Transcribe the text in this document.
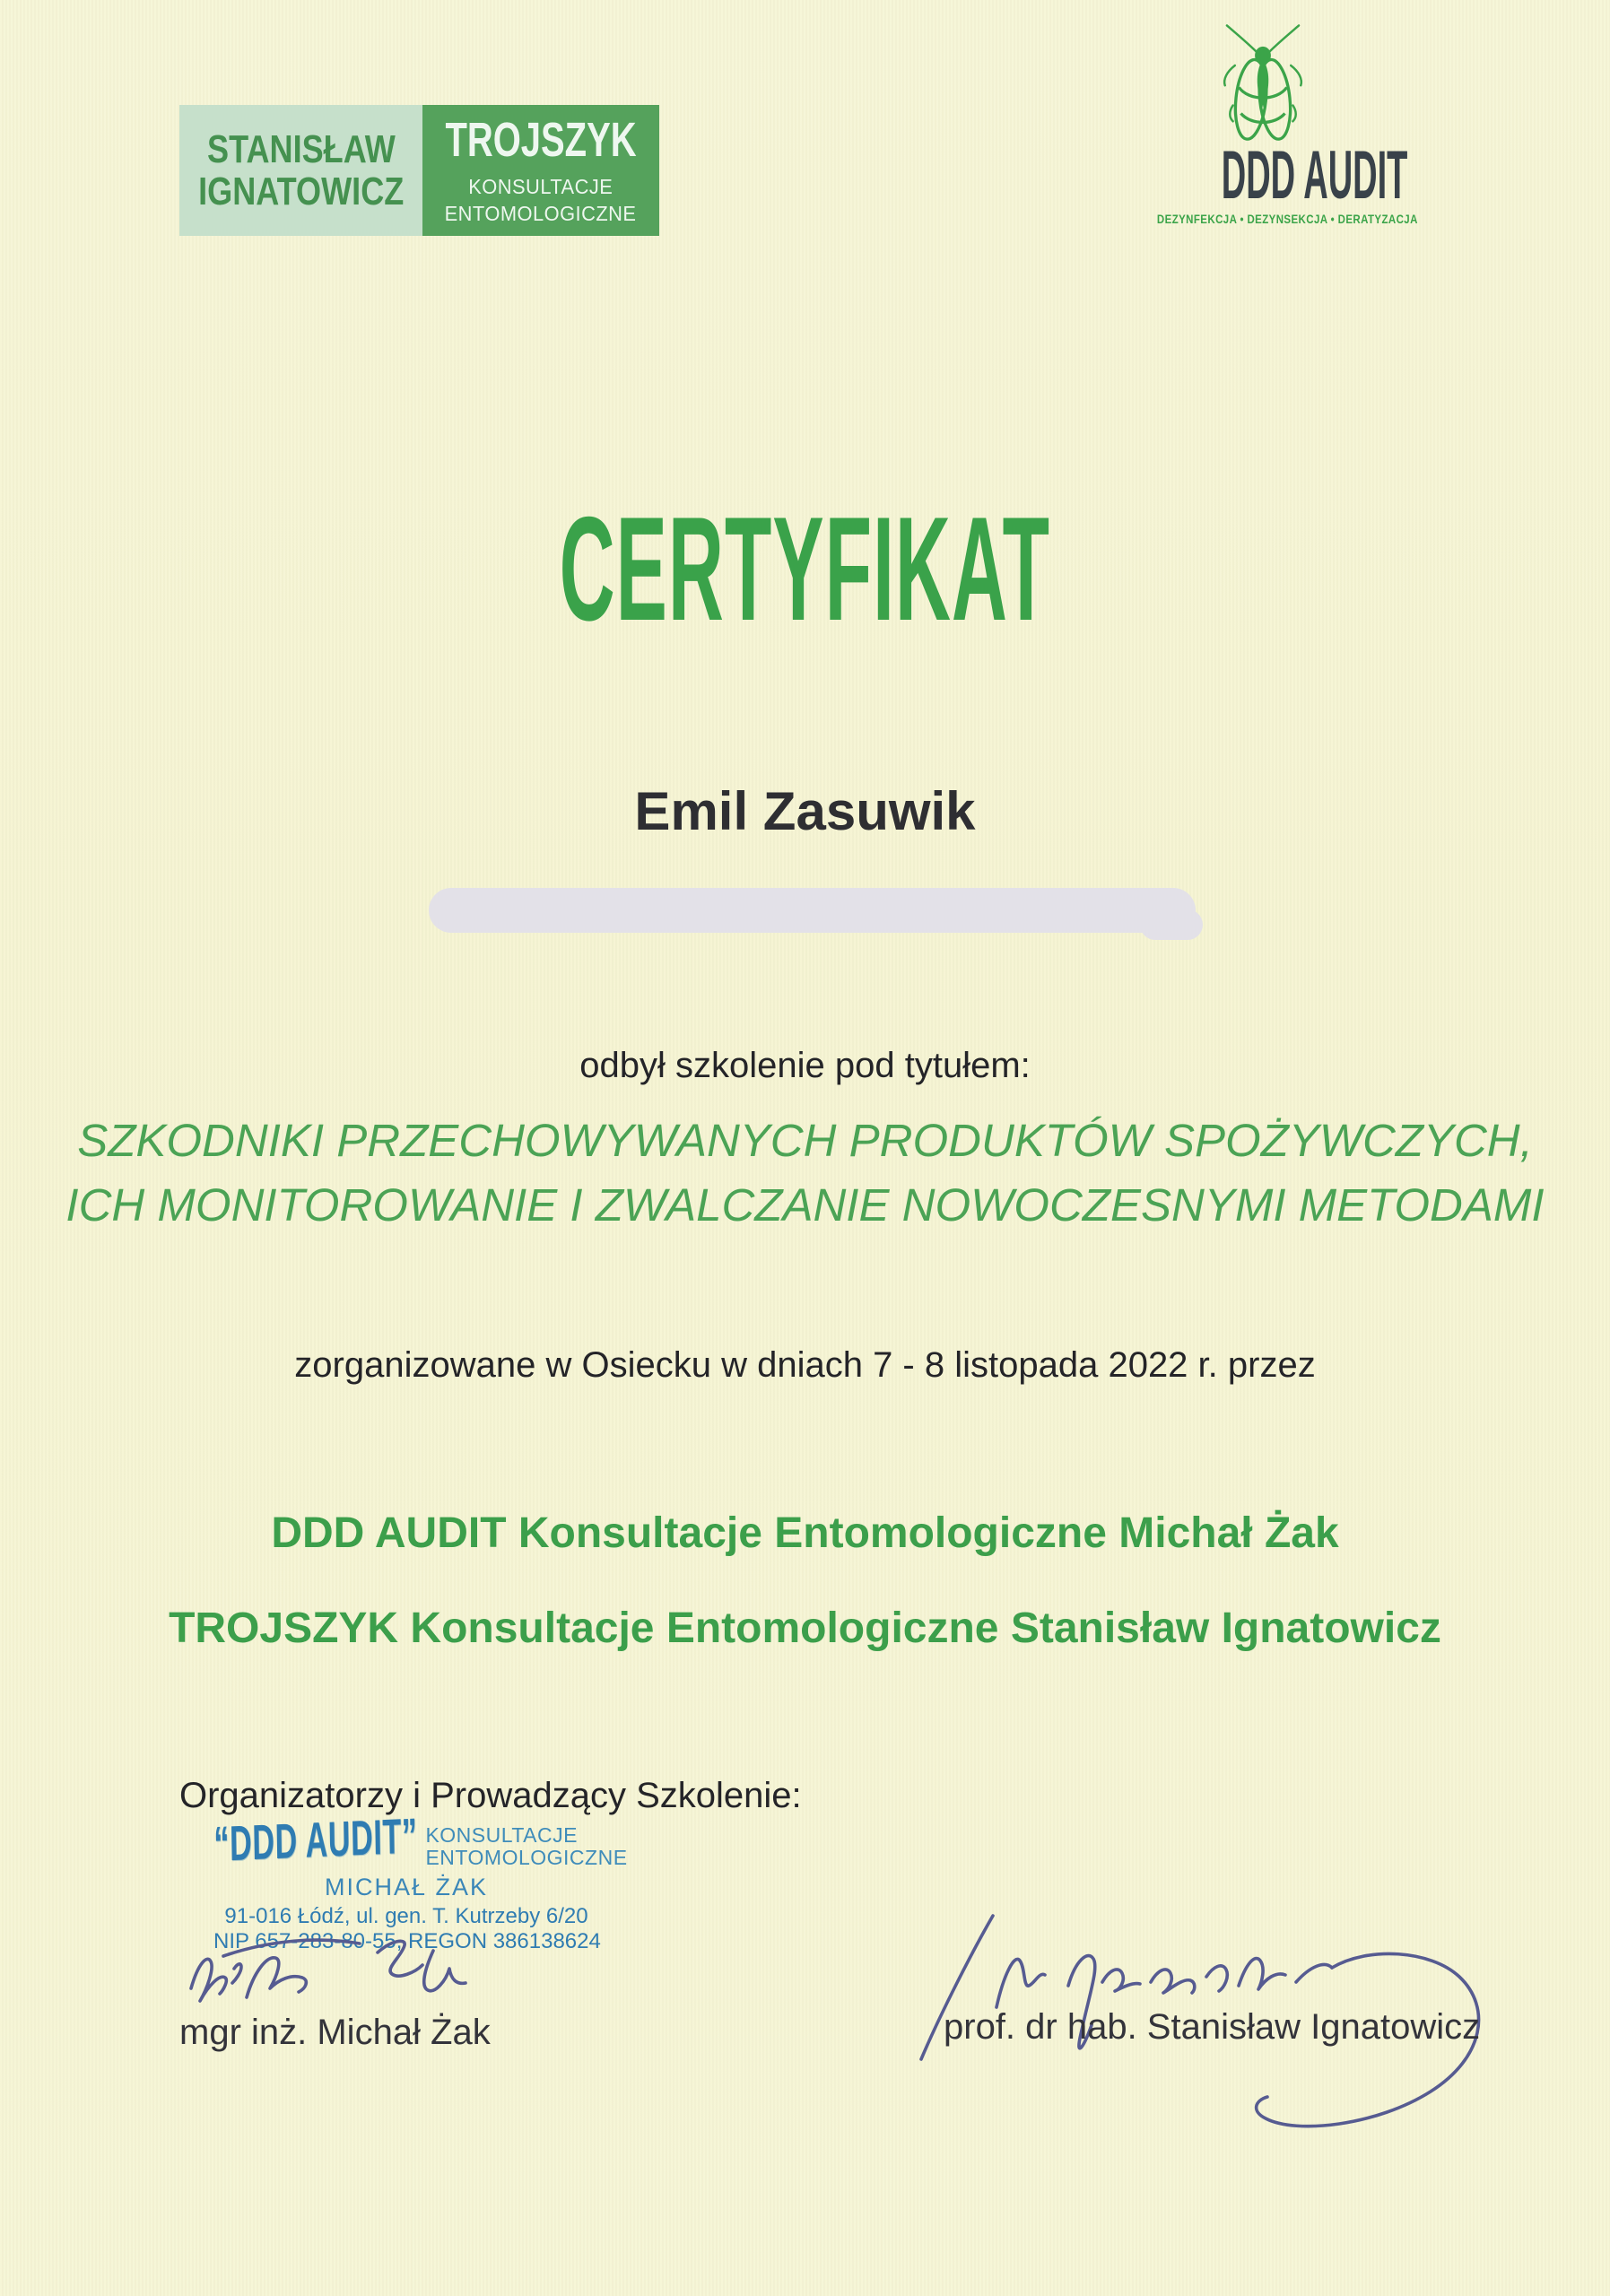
STANISŁAW
IGNATOWICZ
TROJSZYK
KONSULTACJE
ENTOMOLOGICZNE	DDD AUDIT
DEZYNFEKCJA • DEZYNSEKCJA • DERATYZACJA
CERTYFIKAT
Emil Zasuwik
odbył szkolenie pod tytułem:
SZKODNIKI PRZECHOWYWANYCH PRODUKTÓW SPOŻYWCZYCH,
ICH MONITOROWANIE I ZWALCZANIE NOWOCZESNYMI METODAMI
zorganizowane w Osiecku w dniach 7 - 8 listopada 2022 r. przez
DDD AUDIT Konsultacje Entomologiczne Michał Żak
TROJSZYK Konsultacje Entomologiczne Stanisław Ignatowicz
Organizatorzy i Prowadzący Szkolenie:
“DDD AUDIT” KONSULTACJE
ENTOMOLOGICZNE
MICHAŁ ŻAK
91-016 Łódź, ul. gen. T. Kutrzeby 6/20
NIP 657-283-80-55, REGON 386138624
mgr inż. Michał Żak	prof. dr hab. Stanisław Ignatowicz
